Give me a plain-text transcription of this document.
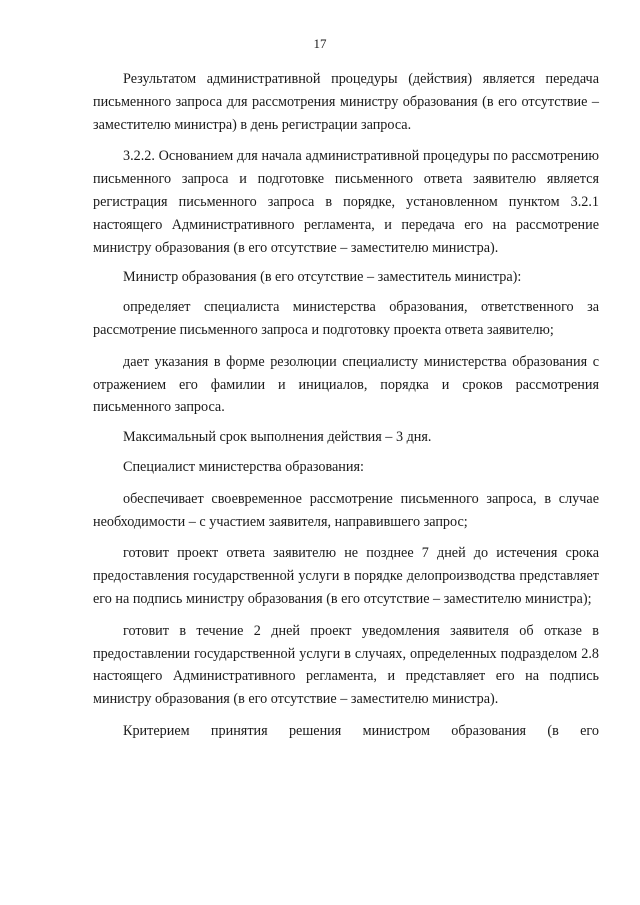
17

Результатом административной процедуры (действия) является передача письменного запроса для рассмотрения министру образования (в его отсутствие – заместителю министра) в день регистрации запроса.

3.2.2. Основанием для начала административной процедуры по рассмотрению письменного запроса и подготовке письменного ответа заявителю является регистрация письменного запроса в порядке, установленном пунктом 3.2.1 настоящего Административного регламента, и передача его на рассмотрение министру образования (в его отсутствие – заместителю министра).

Министр образования (в его отсутствие – заместитель министра):

определяет специалиста министерства образования, ответственного за рассмотрение письменного запроса и подготовку проекта ответа заявителю;

дает указания в форме резолюции специалисту министерства образования с отражением его фамилии и инициалов, порядка и сроков рассмотрения письменного запроса.

Максимальный срок выполнения действия – 3 дня.

Специалист министерства образования:

обеспечивает своевременное рассмотрение письменного запроса, в случае необходимости – с участием заявителя, направившего запрос;

готовит проект ответа заявителю не позднее 7 дней до истечения срока предоставления государственной услуги в порядке делопроизводства представляет его на подпись министру образования (в его отсутствие – заместителю министра);

готовит в течение 2 дней проект уведомления заявителя об отказе в предоставлении государственной услуги в случаях, определенных подразделом 2.8 настоящего Административного регламента, и представляет его на подпись министру образования (в его отсутствие – заместителю министра).

Критерием принятия решения министром образования (в его
